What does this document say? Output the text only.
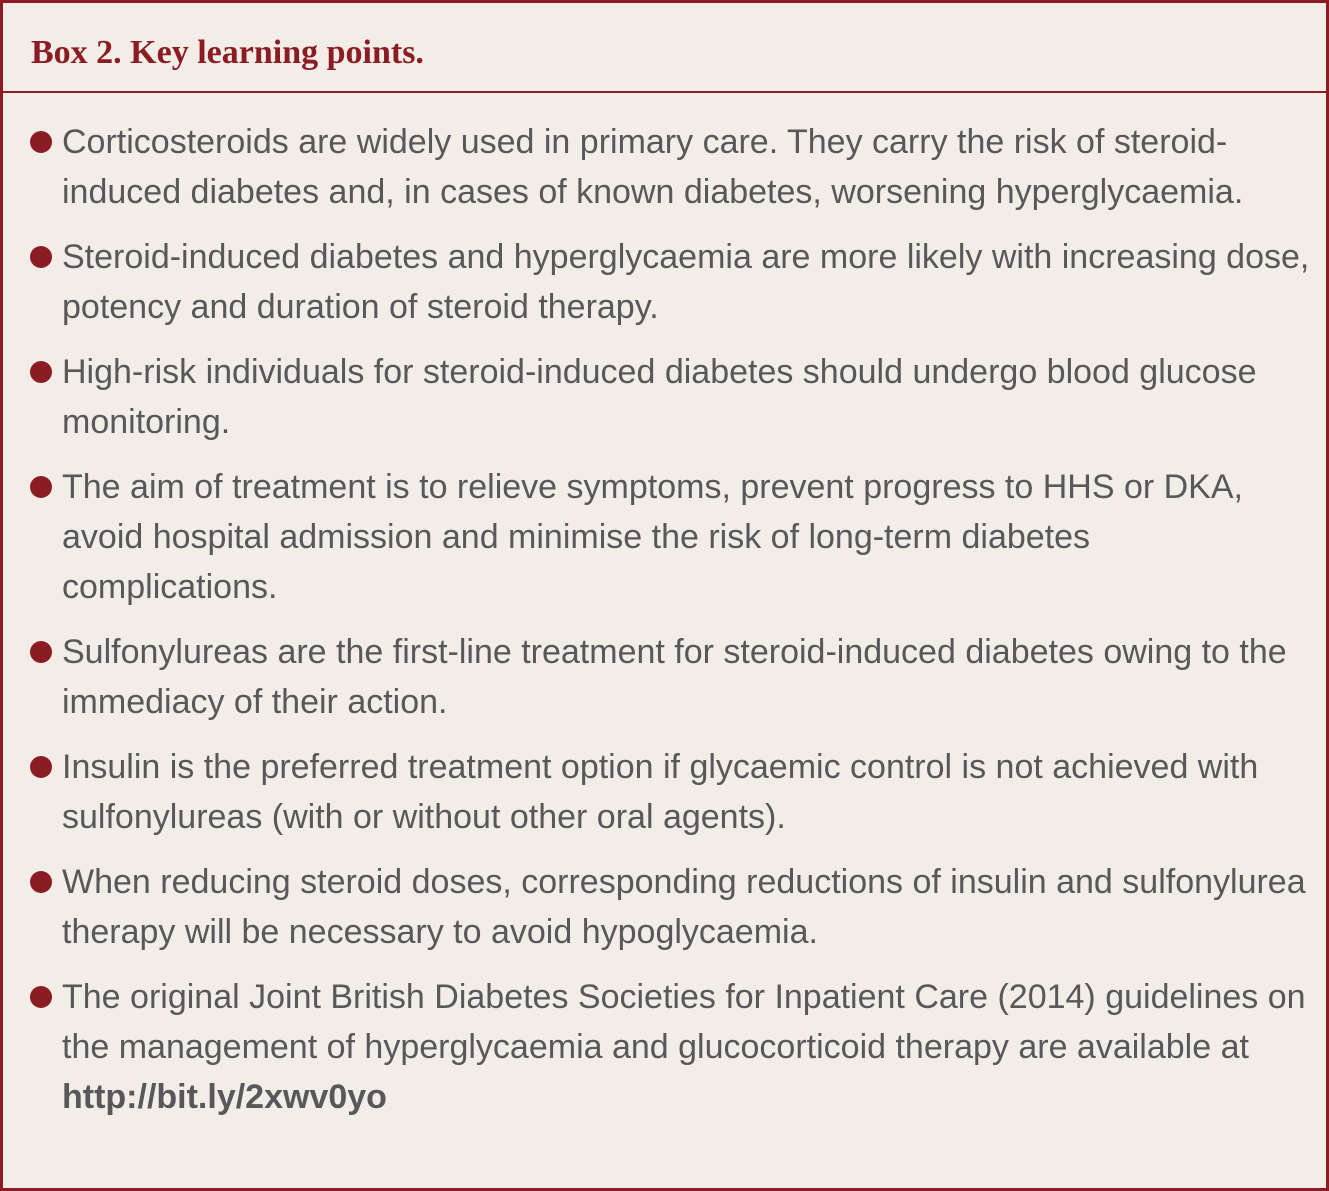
Box 2. Key learning points.
Corticosteroids are widely used in primary care. They carry the risk of steroid-induced diabetes and, in cases of known diabetes, worsening hyperglycaemia.
Steroid-induced diabetes and hyperglycaemia are more likely with increasing dose, potency and duration of steroid therapy.
High-risk individuals for steroid-induced diabetes should undergo blood glucose monitoring.
The aim of treatment is to relieve symptoms, prevent progress to HHS or DKA, avoid hospital admission and minimise the risk of long-term diabetes complications.
Sulfonylureas are the first-line treatment for steroid-induced diabetes owing to the immediacy of their action.
Insulin is the preferred treatment option if glycaemic control is not achieved with sulfonylureas (with or without other oral agents).
When reducing steroid doses, corresponding reductions of insulin and sulfonylurea therapy will be necessary to avoid hypoglycaemia.
The original Joint British Diabetes Societies for Inpatient Care (2014) guidelines on the management of hyperglycaemia and glucocorticoid therapy are available at http://bit.ly/2xwv0yo
